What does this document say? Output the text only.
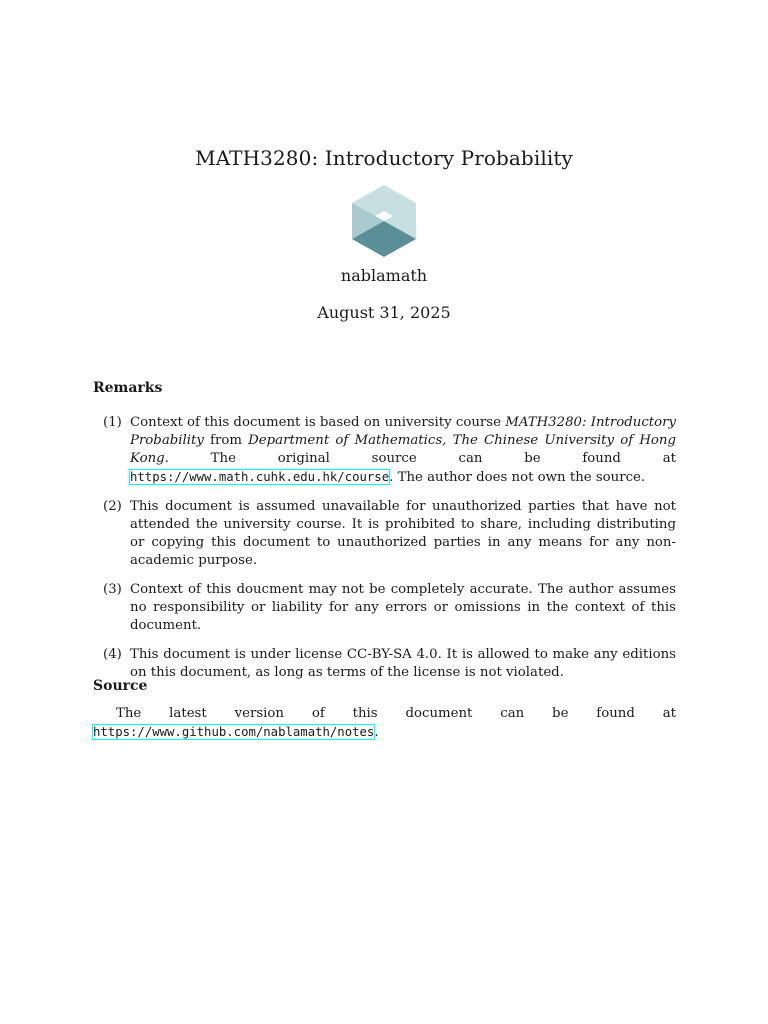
MATH3280: Introductory Probability
nablamath
August 31, 2025
Remarks
(1) Context of this document is based on university course MATH3280: Introductory Probability from Department of Mathematics, The Chinese University of Hong Kong. The original source can be found at https://www.math.cuhk.edu.hk/course. The author does not own the source.
(2) This document is assumed unavailable for unauthorized parties that have not attended the university course. It is prohibited to share, including distributing or copying this document to unauthorized parties in any means for any non-academic purpose.
(3) Context of this doucment may not be completely accurate. The author assumes no responsibility or liability for any errors or omissions in the context of this document.
(4) This document is under license CC-BY-SA 4.0. It is allowed to make any editions on this document, as long as terms of the license is not violated.
Source

The latest version of this document can be found at https://www.github.com/nablamath/notes.
